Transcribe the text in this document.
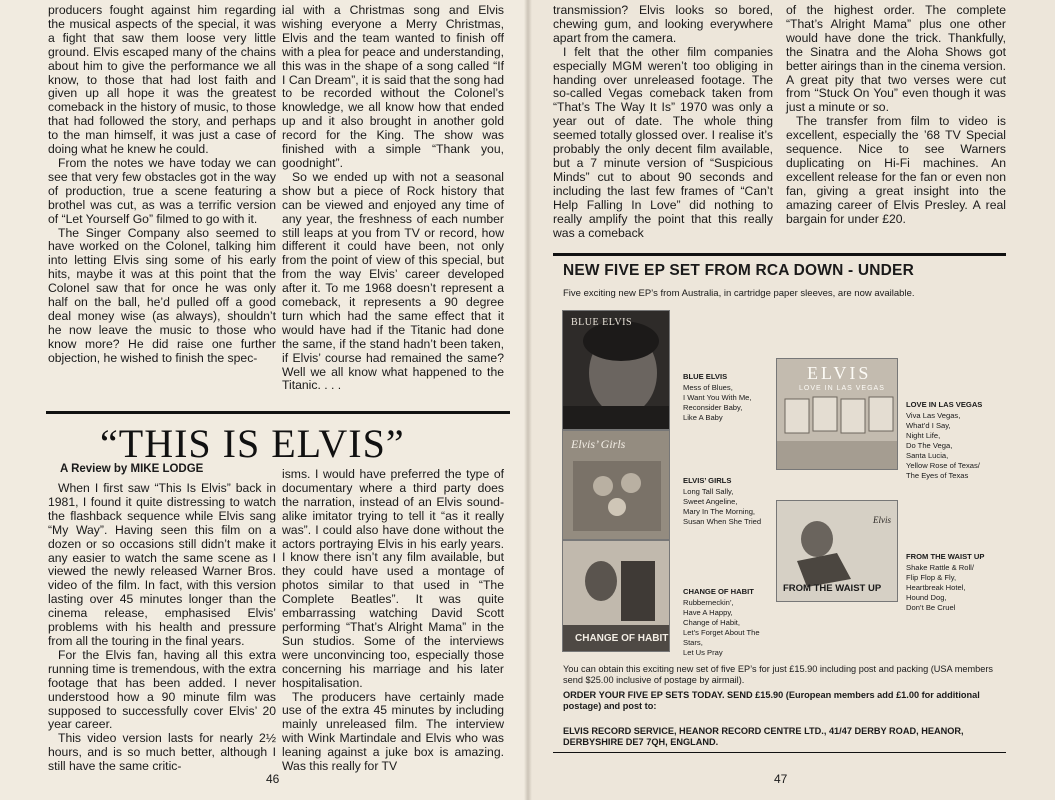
producers fought against him regarding the musical aspects of the special, it was a fight that saw them loose very little ground. Elvis escaped many of the chains about him to give the performance we all know, to those that had lost faith and given up all hope it was the greatest comeback in the history of music, to those that had followed the story, and perhaps to the man himself, it was just a case of doing what he knew he could.

From the notes we have today we can see that very few obstacles got in the way of production, true a scene featuring a brothel was cut, as was a terrific version of “Let Yourself Go” filmed to go with it.

The Singer Company also seemed to have worked on the Colonel, talking him into letting Elvis sing some of his early hits, maybe it was at this point that the Colonel saw that for once he was only half on the ball, he’d pulled off a good deal money wise (as always), shouldn’t he now leave the music to those who know more? He did raise one further objection, he wished to finish the spec-

ial with a Christmas song and Elvis wishing everyone a Merry Christmas, Elvis and the team wanted to finish off with a plea for peace and understanding, this was in the shape of a song called “If I Can Dream”, it is said that the song had to be recorded without the Colonel’s knowledge, we all know how that ended up and it also brought in another gold record for the King. The show was finished with a simple “Thank you, goodnight”.

So we ended up with not a seasonal show but a piece of Rock history that can be viewed and enjoyed any time of any year, the freshness of each number still leaps at you from TV or record, how different it could have been, not only from the point of view of this special, but from the way Elvis’ career developed after it. To me 1968 doesn’t represent a comeback, it represents a 90 degree turn which had the same effect that it would have had if the Titanic had done the same, if the stand hadn’t been taken, if Elvis’ course had remained the same? Well we all know what happened to the Titanic. . . .

“THIS IS ELVIS”
A Review by MIKE LODGE

When I first saw “This Is Elvis” back in 1981, I found it quite distressing to watch the flashback sequence while Elvis sang “My Way”. Having seen this film on a dozen or so occasions still didn’t make it any easier to watch the same scene as I viewed the newly released Warner Bros. video of the film. In fact, with this version lasting over 45 minutes longer than the cinema release, emphasised Elvis’ problems with his health and pressure from all the touring in the final years.

For the Elvis fan, having all this extra running time is tremendous, with the extra footage that has been added. I never understood how a 90 minute film was supposed to successfully cover Elvis’ 20 year career.

This video version lasts for nearly 2½ hours, and is so much better, although I still have the same critic-

isms. I would have preferred the type of documentary where a third party does the narration, instead of an Elvis sound-alike imitator trying to tell it “as it really was”. I could also have done without the actors portraying Elvis in his early years. I know there isn’t any film available, but they could have used a montage of photos similar to that used in “The Complete Beatles”. It was quite embarrassing watching David Scott performing “That’s Alright Mama” in the Sun studios. Some of the interviews were unconvincing too, especially those concerning his marriage and his later hospitalisation.

The producers have certainly made use of the extra 45 minutes by including mainly unreleased film. The interview with Wink Martindale and Elvis who was leaning against a juke box is amazing. Was this really for TV

46

transmission? Elvis looks so bored, chewing gum, and looking everywhere apart from the camera.

I felt that the other film companies especially MGM weren’t too obliging in handing over unreleased footage. The so-called Vegas comeback taken from “That’s The Way It Is” 1970 was only a year out of date. The whole thing seemed totally glossed over. I realise it’s probably the only decent film available, but a 7 minute version of “Suspicious Minds” cut to about 90 seconds and including the last few frames of “Can’t Help Falling In Love” did nothing to really amplify the point that this really was a comeback

of the highest order. The complete “That’s Alright Mama” plus one other would have done the trick. Thankfully, the Sinatra and the Aloha Shows got better airings than in the cinema version. A great pity that two verses were cut from “Stuck On You” even though it was just a minute or so.

The transfer from film to video is excellent, especially the ’68 TV Special sequence. Nice to see Warners duplicating on Hi-Fi machines. An excellent release for the fan or even non fan, giving a great insight into the amazing career of Elvis Presley. A real bargain for under £20.

NEW FIVE EP SET FROM RCA DOWN - UNDER
Five exciting new EP’s from Australia, in cartridge paper sleeves, are now available.
BLUE ELVIS
Elvis’ Girls
CHANGE OF HABIT
ELVIS
LOVE IN LAS VEGAS
Elvis
FROM THE WAIST UP
BLUE ELVIS
Mess of Blues,
I Want You With Me,
Reconsider Baby,
Like A Baby
ELVIS’ GIRLS
Long Tall Sally,
Sweet Angeline,
Mary In The Morning,
Susan When She Tried
CHANGE OF HABIT
Rubberneckin’,
Have A Happy,
Change of Habit,
Let’s Forget About The
Stars,
Let Us Pray
LOVE IN LAS VEGAS
Viva Las Vegas,
What’d I Say,
Night Life,
Do The Vega,
Santa Lucia,
Yellow Rose of Texas/
The Eyes of Texas
FROM THE WAIST UP
Shake Rattle & Roll/
Flip Flop & Fly,
Heartbreak Hotel,
Hound Dog,
Don’t Be Cruel
You can obtain this exciting new set of five EP’s for just £15.90 including post and packing (USA members send $25.00 inclusive of postage by airmail).
ORDER YOUR FIVE EP SETS TODAY. SEND £15.90 (European members add £1.00 for additional postage) and post to:
ELVIS RECORD SERVICE, HEANOR RECORD CENTRE LTD., 41/47 DERBY ROAD, HEANOR, DERBYSHIRE DE7 7QH, ENGLAND.
47
